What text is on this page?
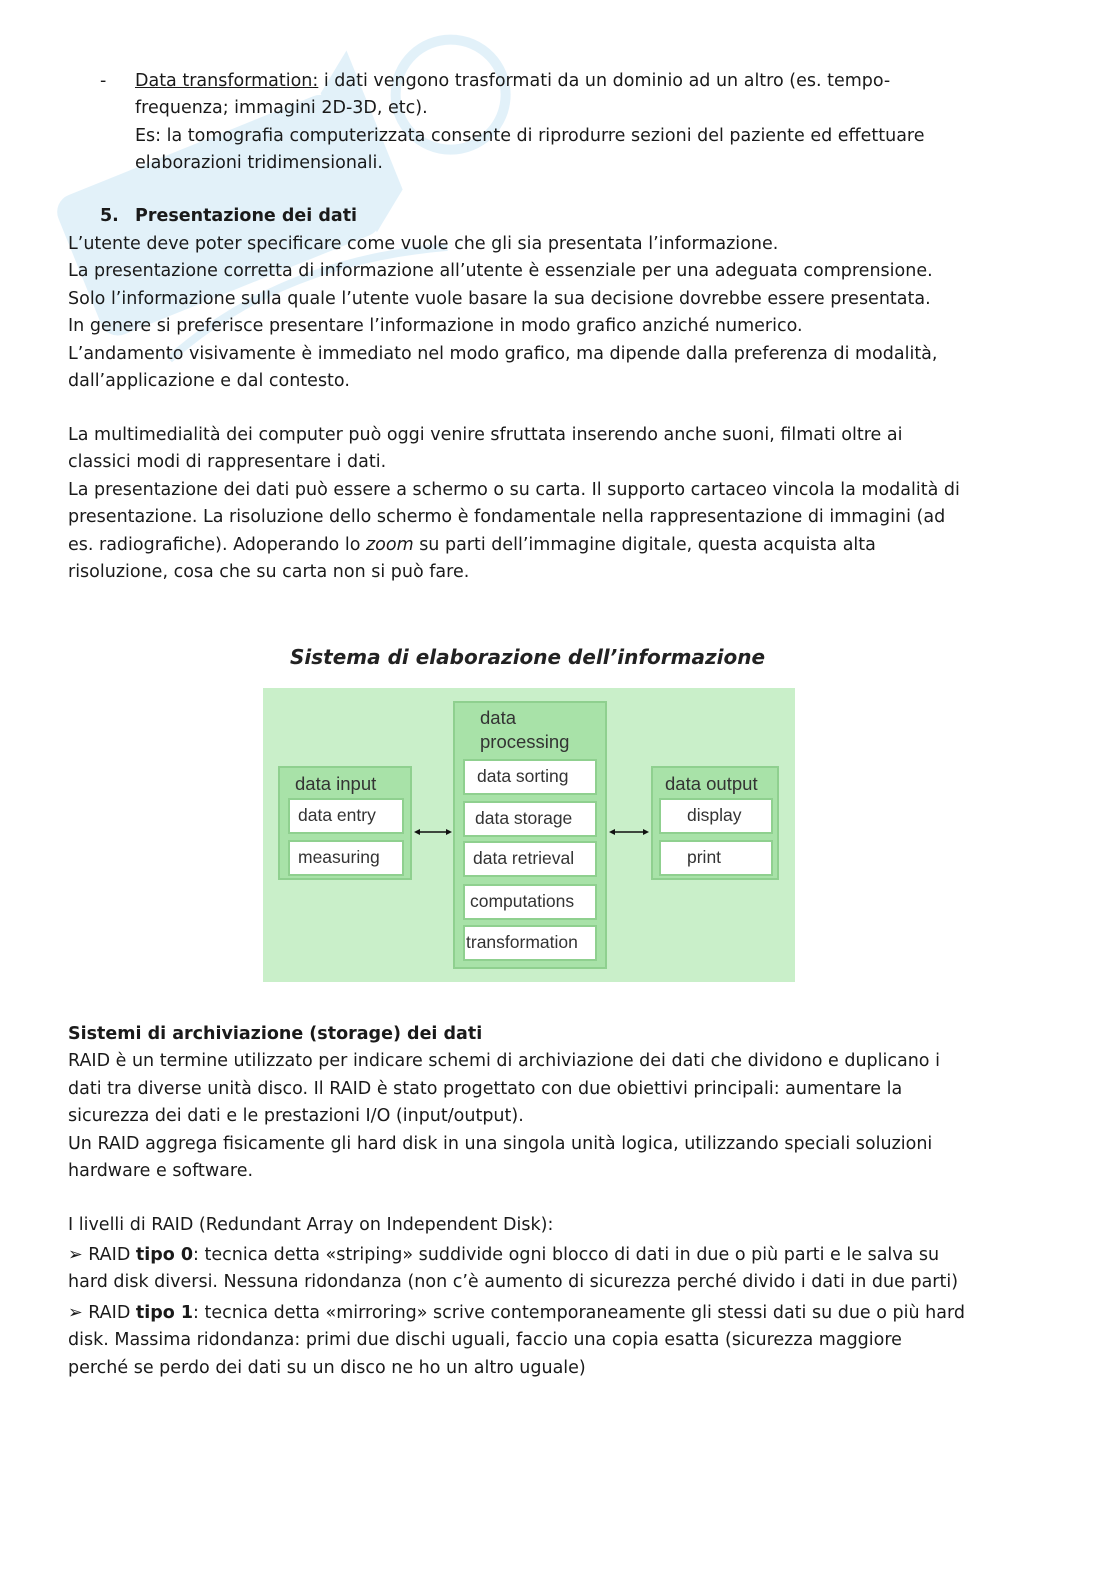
- Data transformation: i dati vengono trasformati da un dominio ad un altro (es. tempo-

frequenza; immagini 2D-3D, etc).

Es: la tomografia computerizzata consente di riprodurre sezioni del paziente ed effettuare

elaborazioni tridimensionali.

5. Presentazione dei dati

L’utente deve poter specificare come vuole che gli sia presentata l’informazione.

La presentazione corretta di informazione all’utente è essenziale per una adeguata comprensione.

Solo l’informazione sulla quale l’utente vuole basare la sua decisione dovrebbe essere presentata.

In genere si preferisce presentare l’informazione in modo grafico anziché numerico.

L’andamento visivamente è immediato nel modo grafico, ma dipende dalla preferenza di modalità,

dall’applicazione e dal contesto.

La multimedialità dei computer può oggi venire sfruttata inserendo anche suoni, filmati oltre ai

classici modi di rappresentare i dati.

La presentazione dei dati può essere a schermo o su carta. Il supporto cartaceo vincola la modalità di

presentazione. La risoluzione dello schermo è fondamentale nella rappresentazione di immagini (ad

es. radiografiche). Adoperando lo zoom su parti dell’immagine digitale, questa acquista alta

risoluzione, cosa che su carta non si può fare.

Sistema di elaborazione dell’informazione
data input
data entry
measuring
data
processing
data sorting
data storage
data retrieval
computations
transformation
data output
display
print

Sistemi di archiviazione (storage) dei dati

RAID è un termine utilizzato per indicare schemi di archiviazione dei dati che dividono e duplicano i

dati tra diverse unità disco. Il RAID è stato progettato con due obiettivi principali: aumentare la

sicurezza dei dati e le prestazioni I/O (input/output).

Un RAID aggrega fisicamente gli hard disk in una singola unità logica, utilizzando speciali soluzioni

hardware e software.

I livelli di RAID (Redundant Array on Independent Disk):

➢ RAID tipo 0: tecnica detta «striping» suddivide ogni blocco di dati in due o più parti e le salva su

hard disk diversi. Nessuna ridondanza (non c’è aumento di sicurezza perché divido i dati in due parti)

➢ RAID tipo 1: tecnica detta «mirroring» scrive contemporaneamente gli stessi dati su due o più hard

disk. Massima ridondanza: primi due dischi uguali, faccio una copia esatta (sicurezza maggiore

perché se perdo dei dati su un disco ne ho un altro uguale)
